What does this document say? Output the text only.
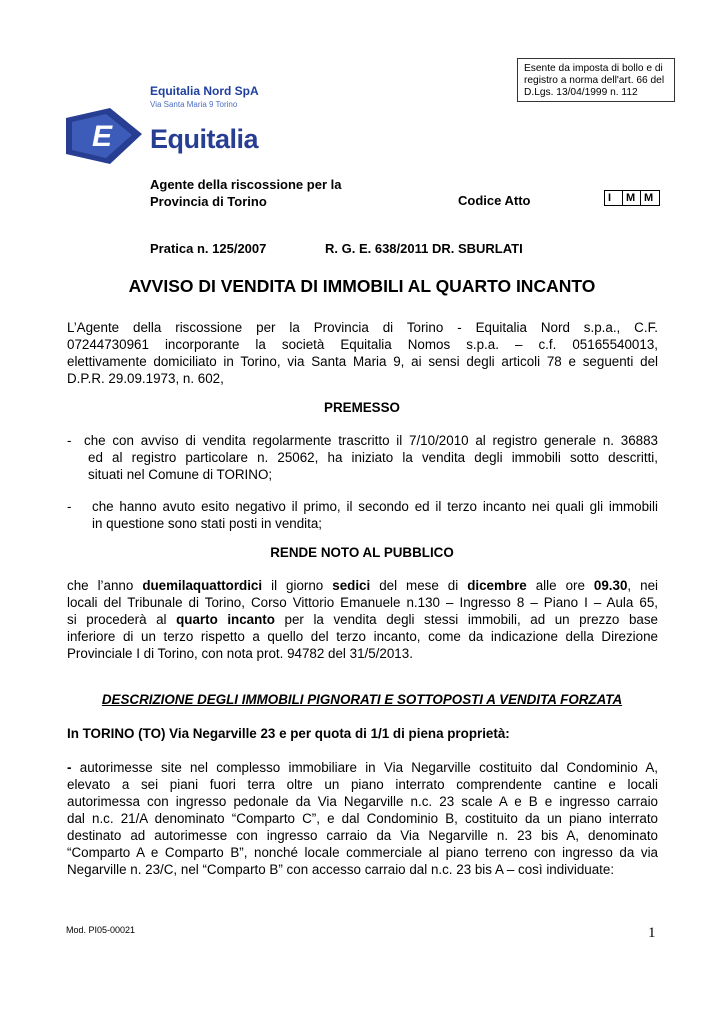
Esente da imposta di bollo e di
registro a norma dell'art. 66 del
D.Lgs. 13/04/1999 n. 112
Equitalia Nord SpA
Via Santa Maria 9 Torino
E Equitalia
Agente della riscossione per la
Provincia di Torino	Codice Atto	I	M M
Pratica n. 125/2007	R. G. E. 638/2011 DR. SBURLATI
AVVISO DI VENDITA DI IMMOBILI AL QUARTO INCANTO

L’Agente della riscossione per la Provincia di Torino - Equitalia Nord s.p.a., C.F.

07244730961 incorporante la società Equitalia Nomos s.p.a. – c.f. 05165540013,

elettivamente domiciliato in Torino, via Santa Maria 9, ai sensi degli articoli 78 e seguenti del

D.P.R. 29.09.1973, n. 602,

PREMESSO
- che con avviso di vendita regolarmente trascritto il 7/10/2010 al registro generale n. 36883
ed al registro particolare n. 25062, ha iniziato la vendita degli immobili sotto descritti,
situati nel Comune di TORINO;
- che hanno avuto esito negativo il primo, il secondo ed il terzo incanto nei quali gli immobili
in questione sono stati posti in vendita;
RENDE NOTO AL PUBBLICO

che l’anno duemilaquattordici il giorno sedici del mese di dicembre alle ore 09.30, nei

locali del Tribunale di Torino, Corso Vittorio Emanuele n.130 – Ingresso 8 – Piano I – Aula 65,

si procederà al quarto incanto per la vendita degli stessi immobili, ad un prezzo base

inferiore di un terzo rispetto a quello del terzo incanto, come da indicazione della Direzione

Provinciale I di Torino, con nota prot. 94782 del 31/5/2013.

DESCRIZIONE DEGLI IMMOBILI PIGNORATI E SOTTOPOSTI A VENDITA FORZATA
In TORINO (TO) Via Negarville 23 e per quota di 1/1 di piena proprietà:

- autorimesse site nel complesso immobiliare in Via Negarville costituito dal Condominio A,

elevato a sei piani fuori terra oltre un piano interrato comprendente cantine e locali

autorimessa con ingresso pedonale da Via Negarville n.c. 23 scale A e B e ingresso carraio

dal n.c. 21/A denominato “Comparto C”, e dal Condominio B, costituito da un piano interrato

destinato ad autorimesse con ingresso carraio da Via Negarville n. 23 bis A, denominato

“Comparto A e Comparto B”, nonché locale commerciale al piano terreno con ingresso da via

Negarville n. 23/C, nel “Comparto B” con accesso carraio dal n.c. 23 bis A – così individuate:

Mod. PI05-00021	1
